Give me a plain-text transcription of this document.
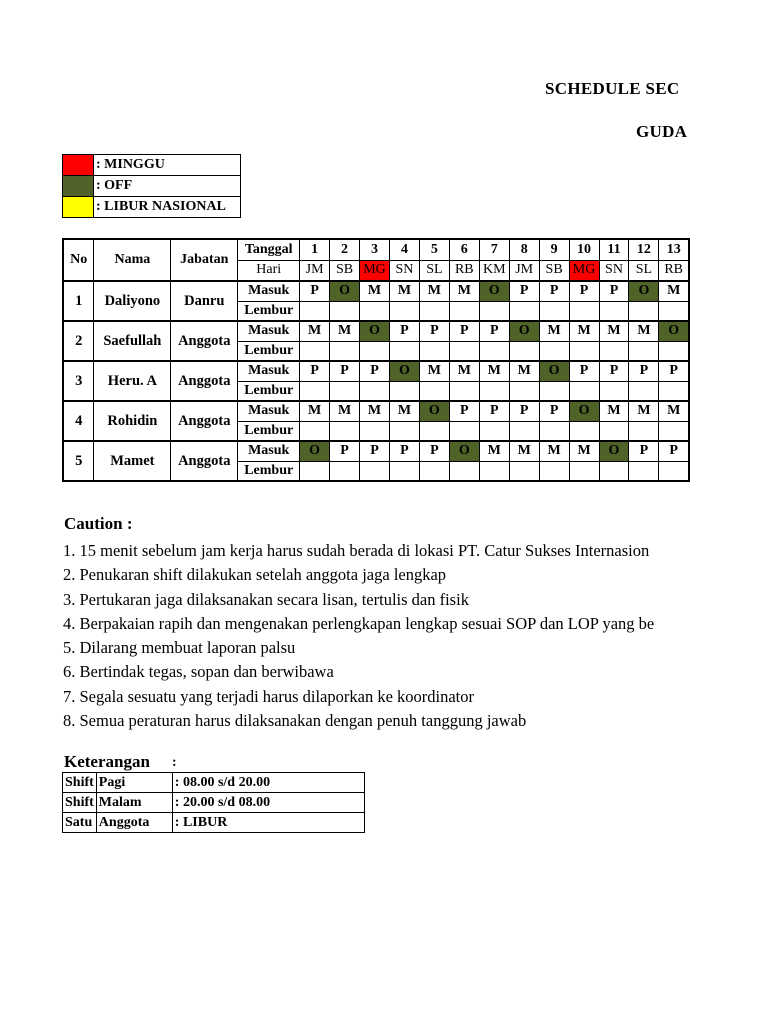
SCHEDULE SEC
GUDA
	: MINGGU
	: OFF
	: LIBUR NASIONAL
No	Nama	Jabatan	Tanggal	1	2	3	4	5	6	7	8	9	10	11	12	13
			Hari	JM	SB	MG	SN	SL	RB	KM	JM	SB	MG	SN	SL	RB
1	Daliyono	Danru	Masuk	P	O	M	M	M	M	O	P	P	P	P	O	M
			Lembur													
2	Saefullah	Anggota	Masuk	M	M	O	P	P	P	P	O	M	M	M	M	O
			Lembur													
3	Heru. A	Anggota	Masuk	P	P	P	O	M	M	M	M	O	P	P	P	P
			Lembur													
4	Rohidin	Anggota	Masuk	M	M	M	M	O	P	P	P	P	O	M	M	M
			Lembur													
5	Mamet	Anggota	Masuk	O	P	P	P	P	O	M	M	M	M	O	P	P
			Lembur													
Caution :
1. 15 menit sebelum jam kerja harus sudah berada di lokasi PT. Catur Sukses Internasion
2. Penukaran shift dilakukan setelah anggota jaga lengkap
3. Pertukaran jaga dilaksanakan secara lisan, tertulis dan fisik
4. Berpakaian rapih dan mengenakan perlengkapan lengkap sesuai SOP dan LOP yang be
5. Dilarang membuat laporan palsu
6. Bertindak tegas, sopan dan berwibawa
7. Segala sesuatu yang terjadi harus dilaporkan ke koordinator
8. Semua peraturan harus dilaksanakan dengan penuh tanggung jawab
Keterangan :
Shift	Pagi	: 08.00 s/d 20.00
Shift	Malam	: 20.00 s/d 08.00
Satu	Anggota	: LIBUR
